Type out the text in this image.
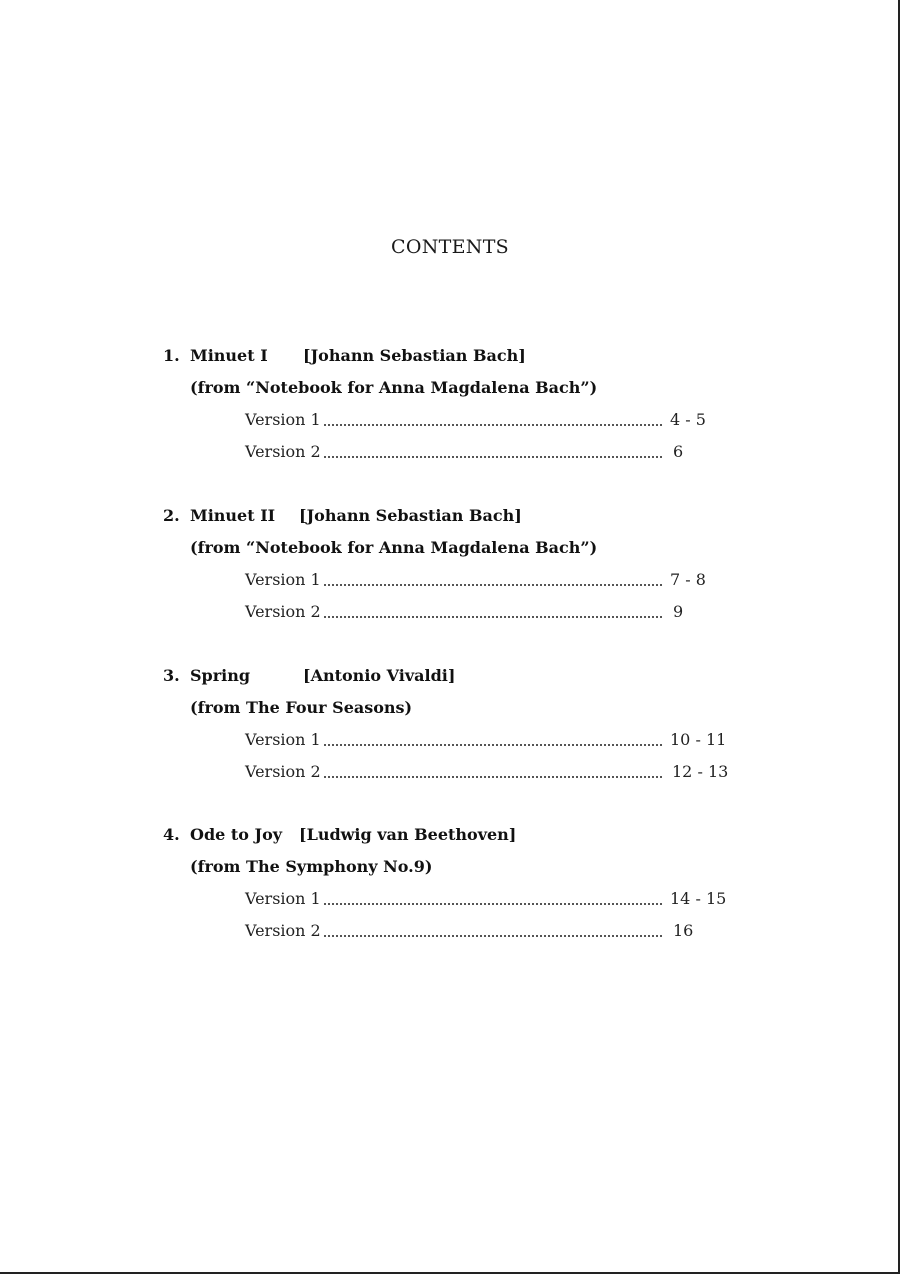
CONTENTS
1. Minuet I [Johann Sebastian Bach]
(from “Notebook for Anna Magdalena Bach”)
Version 1	4 - 5
Version 2	6
2. Minuet II [Johann Sebastian Bach]
(from “Notebook for Anna Magdalena Bach”)
Version 1	7 - 8
Version 2	9
3. Spring	[Antonio Vivaldi]
(from The Four Seasons)
Version 1	10 - 11
Version 2	12 - 13
4. Ode to Joy [Ludwig van Beethoven]
(from The Symphony No.9)
Version 1	14 - 15
Version 2	16
